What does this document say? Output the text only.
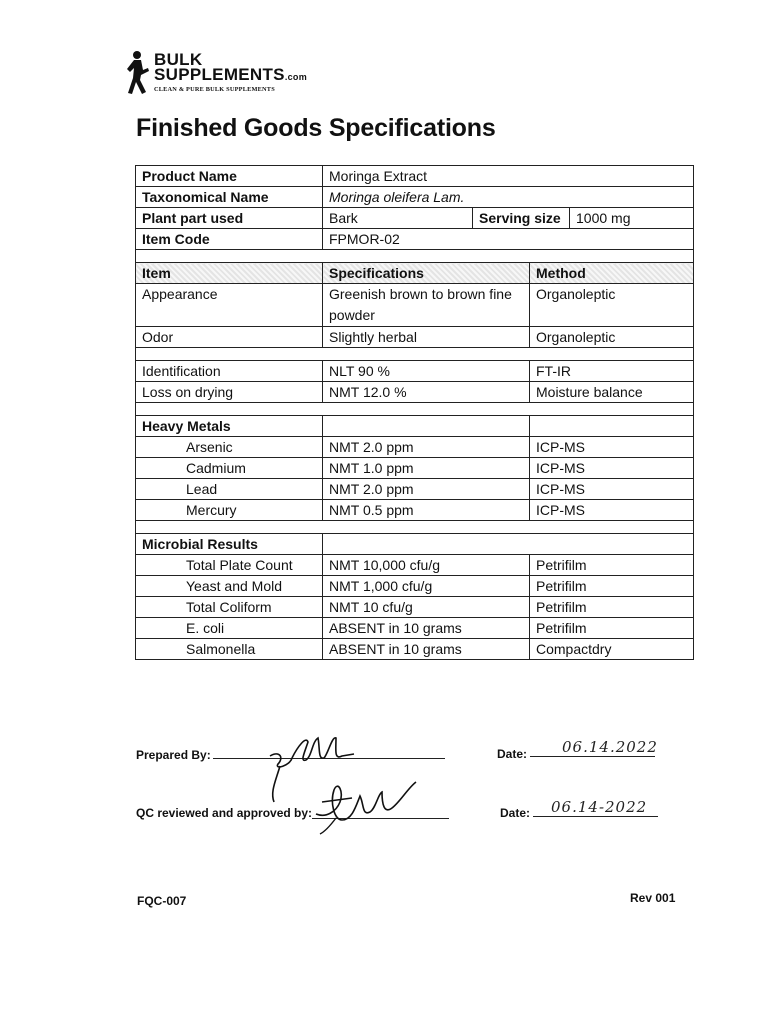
BULK
SUPPLEMENTS.com
CLEAN & PURE BULK SUPPLEMENTS
Finished Goods Specifications
Product Name	Moringa Extract			
Taxonomical Name	Moringa oleifera Lam.			
Plant part used	Bark	Serving size		1000 mg
Item Code	FPMOR-02			

Item	Specifications		Method	
Appearance	Greenish brown to brown fine powder		Organoleptic	
Odor	Slightly herbal		Organoleptic	

Identification	NLT 90 %		FT-IR	
Loss on drying	NMT 12.0 %		Moisture balance	

Heavy Metals				
Arsenic	NMT 2.0 ppm		ICP-MS	
Cadmium	NMT 1.0 ppm		ICP-MS	
Lead	NMT 2.0 ppm		ICP-MS	
Mercury	NMT 0.5 ppm		ICP-MS	

Microbial Results				
Total Plate Count	NMT 10,000 cfu/g		Petrifilm	
Yeast and Mold	NMT 1,000 cfu/g		Petrifilm	
Total Coliform	NMT 10 cfu/g		Petrifilm	
E. coli	ABSENT in 10 grams		Petrifilm	
Salmonella	ABSENT in 10 grams		Compactdry	
Prepared By:	Date: 06.14.2022
QC reviewed and approved by:	Date: 06.14-2022
FQC-007	Rev 001
